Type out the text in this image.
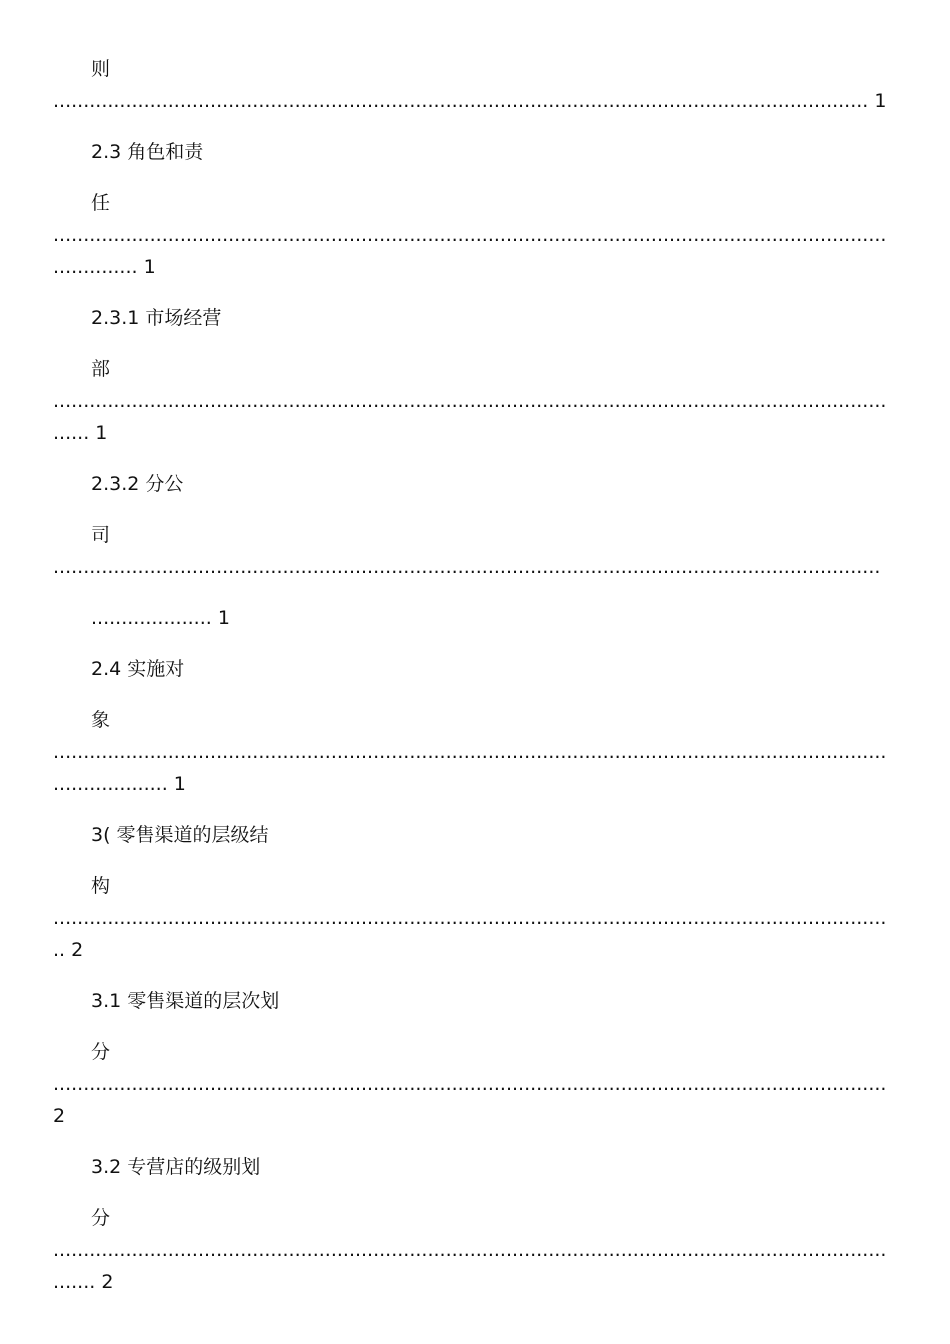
则
....................................................................................................................................... 1
2.3 角色和责
任
..........................................................................................................................................
.............. 1
2.3.1 市场经营
部
..........................................................................................................................................
...... 1
2.3.2 分公
司
.........................................................................................................................................
.................... 1
2.4 实施对
象
..........................................................................................................................................
................... 1
3( 零售渠道的层级结
构
..........................................................................................................................................
.. 2
3.1 零售渠道的层次划
分
..........................................................................................................................................
2
3.2 专营店的级别划
分
..........................................................................................................................................
....... 2
